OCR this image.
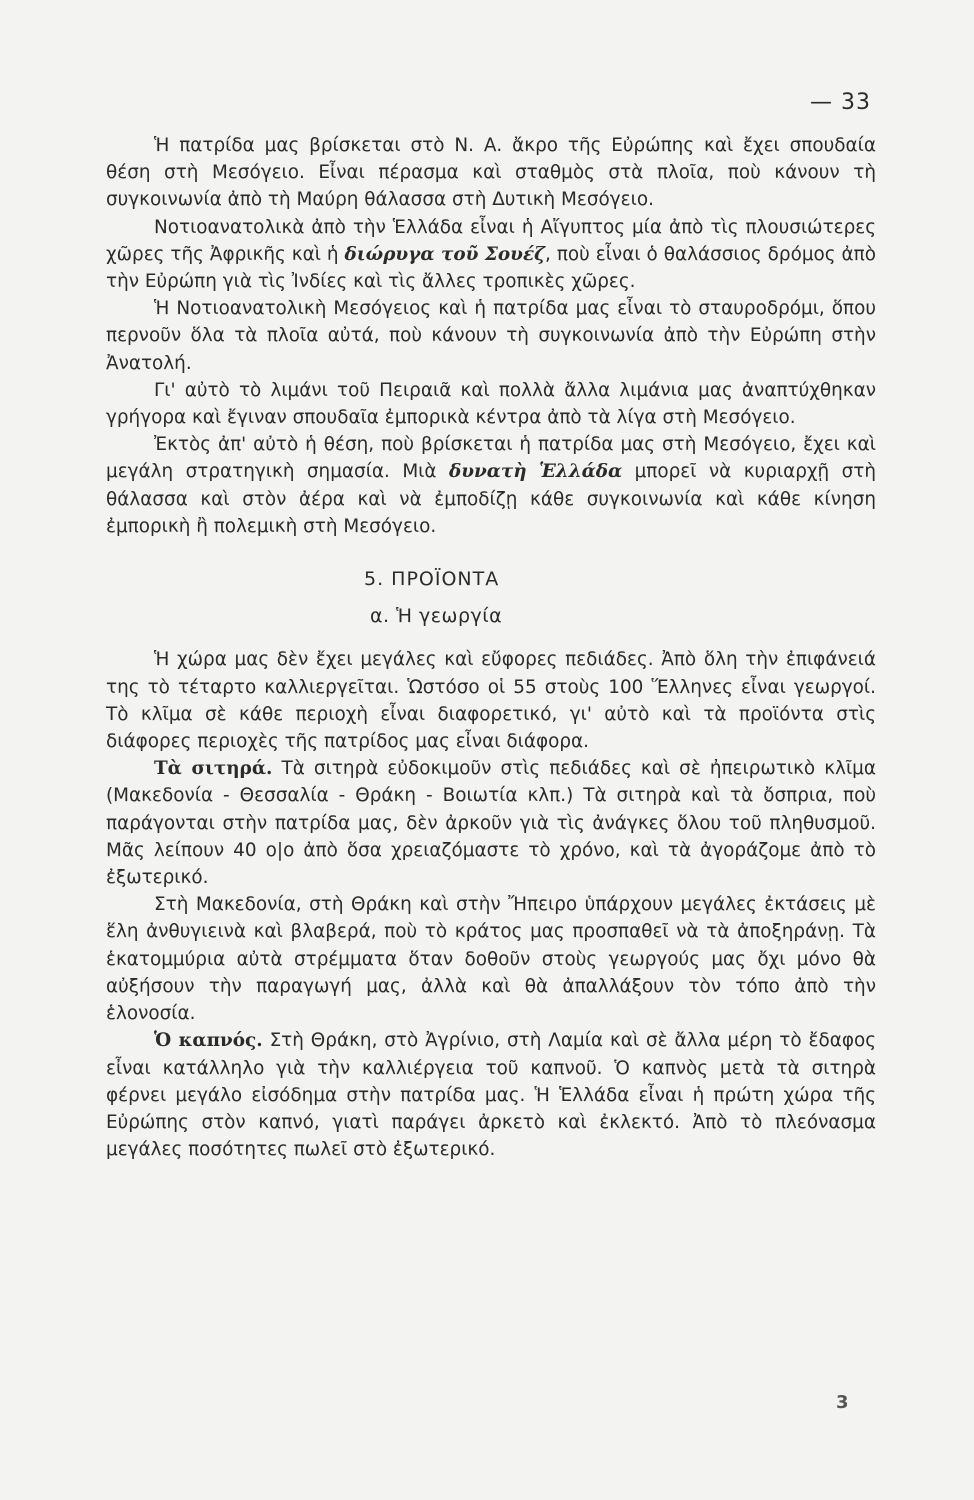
— 33

Ἡ πατρίδα μας βρίσκεται στὸ Ν. Α. ἄκρο τῆς Εὐρώπης καὶ ἔχει σπουδαία θέση στὴ Μεσόγειο. Εἶναι πέρασμα καὶ σταθμὸς στὰ πλοῖα, ποὺ κάνουν τὴ συγκοινωνία ἀπὸ τὴ Μαύρη θάλασσα στὴ Δυτικὴ Μεσόγειο.

Νοτιοανατολικὰ ἀπὸ τὴν Ἑλλάδα εἶναι ἡ Αἴγυπτος μία ἀπὸ τὶς πλουσιώτερες χῶρες τῆς Ἀφρικῆς καὶ ἡ διώρυγα τοῦ Σουέζ, ποὺ εἶναι ὁ θαλάσσιος δρόμος ἀπὸ τὴν Εὐρώπη γιὰ τὶς Ἰνδίες καὶ τὶς ἄλλες τροπικὲς χῶρες.

Ἡ Νοτιοανατολικὴ Μεσόγειος καὶ ἡ πατρίδα μας εἶναι τὸ σταυροδρόμι, ὅπου περνοῦν ὅλα τὰ πλοῖα αὐτά, ποὺ κάνουν τὴ συγκοινωνία ἀπὸ τὴν Εὐρώπη στὴν Ἀνατολή.

Γι' αὐτὸ τὸ λιμάνι τοῦ Πειραιᾶ καὶ πολλὰ ἄλλα λιμάνια μας ἀναπτύχθηκαν γρήγορα καὶ ἔγιναν σπουδαῖα ἐμπορικὰ κέντρα ἀπὸ τὰ λίγα στὴ Μεσόγειο.

Ἐκτὸς ἀπ' αὐτὸ ἡ θέση, ποὺ βρίσκεται ἡ πατρίδα μας στὴ Μεσόγειο, ἔχει καὶ μεγάλη στρατηγικὴ σημασία. Μιὰ δυνατὴ Ἑλλάδα μπορεῖ νὰ κυριαρχῇ στὴ θάλασσα καὶ στὸν ἀέρα καὶ νὰ ἐμποδίζῃ κάθε συγκοινωνία καὶ κάθε κίνηση ἐμπορικὴ ἢ πολεμικὴ στὴ Μεσόγειο.

5. ΠΡΟΪΟΝΤΑ
α. Ἡ γεωργία

Ἡ χώρα μας δὲν ἔχει μεγάλες καὶ εὔφορες πεδιάδες. Ἀπὸ ὅλη τὴν ἐπιφάνειά της τὸ τέταρτο καλλιεργεῖται. Ὡστόσο οἱ 55 στοὺς 100 Ἕλληνες εἶναι γεωργοί. Τὸ κλῖμα σὲ κάθε περιοχὴ εἶναι διαφορετικό, γι' αὐτὸ καὶ τὰ προϊόντα στὶς διάφορες περιοχὲς τῆς πατρίδος μας εἶναι διάφορα.

Τὰ σιτηρά. Τὰ σιτηρὰ εὐδοκιμοῦν στὶς πεδιάδες καὶ σὲ ἠπειρωτικὸ κλῖμα (Μακεδονία - Θεσσαλία - Θράκη - Βοιωτία κλπ.) Τὰ σιτηρὰ καὶ τὰ ὄσπρια, ποὺ παράγονται στὴν πατρίδα μας, δὲν ἀρκοῦν γιὰ τὶς ἀνάγκες ὅλου τοῦ πληθυσμοῦ. Μᾶς λείπουν 40 ο|ο ἀπὸ ὅσα χρειαζόμαστε τὸ χρόνο, καὶ τὰ ἀγοράζομε ἀπὸ τὸ ἐξωτερικό.

Στὴ Μακεδονία, στὴ Θράκη καὶ στὴν Ἤπειρο ὑπάρχουν μεγάλες ἐκτάσεις μὲ ἕλη ἀνθυγιεινὰ καὶ βλαβερά, ποὺ τὸ κράτος μας προσπαθεῖ νὰ τὰ ἀποξηράνῃ. Τὰ ἑκατομμύρια αὐτὰ στρέμματα ὅταν δοθοῦν στοὺς γεωργούς μας ὄχι μόνο θὰ αὐξήσουν τὴν παραγωγή μας, ἀλλὰ καὶ θὰ ἀπαλλάξουν τὸν τόπο ἀπὸ τὴν ἑλονοσία.

Ὁ καπνός. Στὴ Θράκη, στὸ Ἀγρίνιο, στὴ Λαμία καὶ σὲ ἄλλα μέρη τὸ ἔδαφος εἶναι κατάλληλο γιὰ τὴν καλλιέργεια τοῦ καπνοῦ. Ὁ καπνὸς μετὰ τὰ σιτηρὰ φέρνει μεγάλο εἰσόδημα στὴν πατρίδα μας. Ἡ Ἑλλάδα εἶναι ἡ πρώτη χώρα τῆς Εὐρώπης στὸν καπνό, γιατὶ παράγει ἀρκετὸ καὶ ἐκλεκτό. Ἀπὸ τὸ πλεόνασμα μεγάλες ποσότητες πωλεῖ στὸ ἐξωτερικό.

3
